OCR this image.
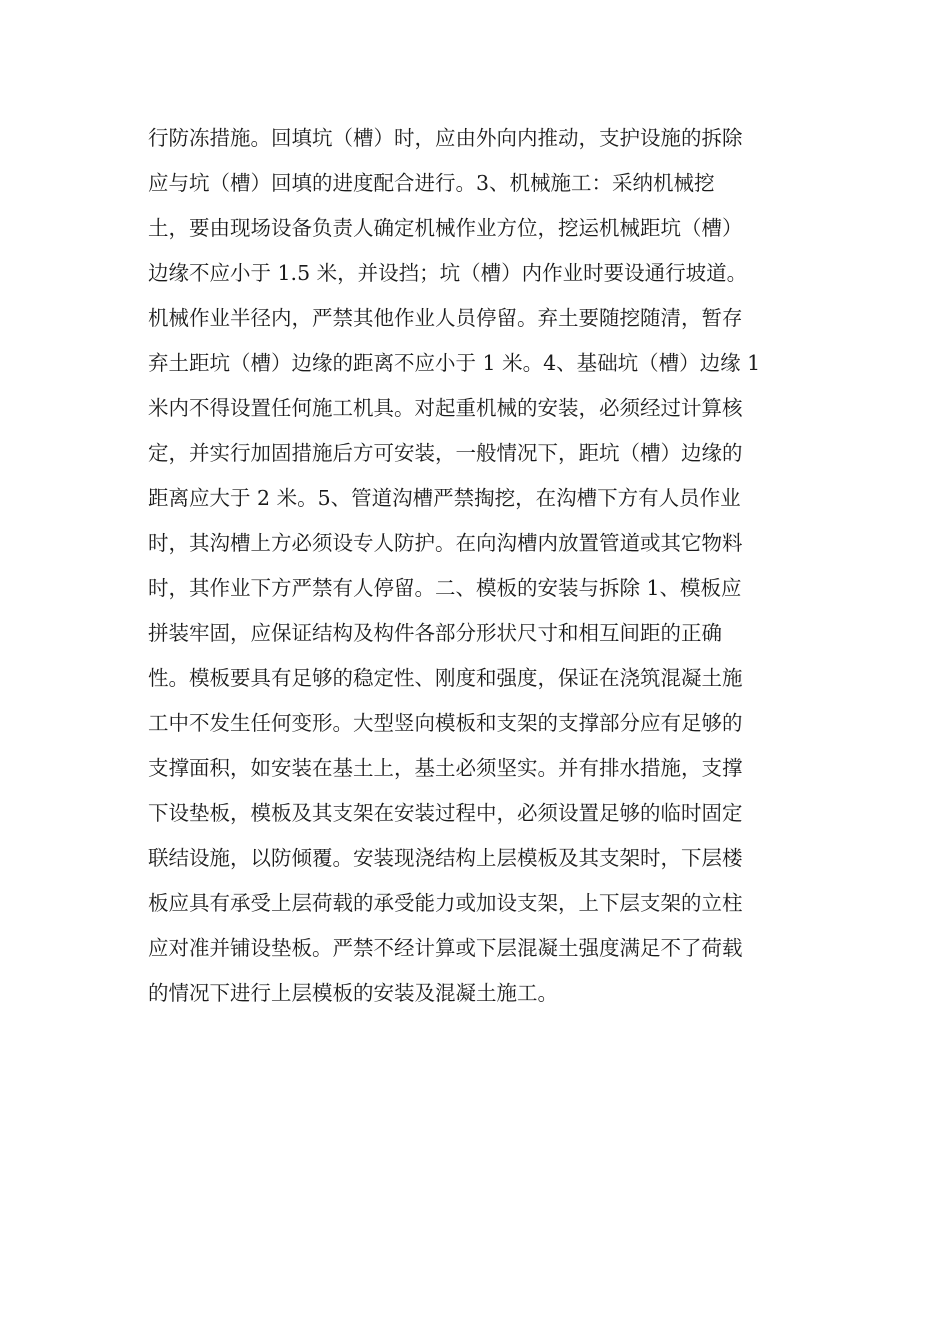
行防冻措施。回填坑（槽）时，应由外向内推动，支护设施的拆除
应与坑（槽）回填的进度配合进行。3、机械施工：采纳机械挖
土，要由现场设备负责人确定机械作业方位，挖运机械距坑（槽）
边缘不应小于 1.5 米，并设挡；坑（槽）内作业时要设通行坡道。
机械作业半径内，严禁其他作业人员停留。弃土要随挖随清，暂存
弃土距坑（槽）边缘的距离不应小于 1 米。4、基础坑（槽）边缘 1
米内不得设置任何施工机具。对起重机械的安装，必须经过计算核
定，并实行加固措施后方可安装，一般情况下，距坑（槽）边缘的
距离应大于 2 米。5、管道沟槽严禁掏挖，在沟槽下方有人员作业
时，其沟槽上方必须设专人防护。在向沟槽内放置管道或其它物料
时，其作业下方严禁有人停留。二、模板的安装与拆除 1、模板应
拼装牢固，应保证结构及构件各部分形状尺寸和相互间距的正确
性。模板要具有足够的稳定性、刚度和强度，保证在浇筑混凝土施
工中不发生任何变形。大型竖向模板和支架的支撑部分应有足够的
支撑面积，如安装在基土上，基土必须坚实。并有排水措施，支撑
下设垫板，模板及其支架在安装过程中，必须设置足够的临时固定
联结设施，以防倾覆。安装现浇结构上层模板及其支架时，下层楼
板应具有承受上层荷载的承受能力或加设支架，上下层支架的立柱
应对准并铺设垫板。严禁不经计算或下层混凝土强度满足不了荷载
的情况下进行上层模板的安装及混凝土施工。
